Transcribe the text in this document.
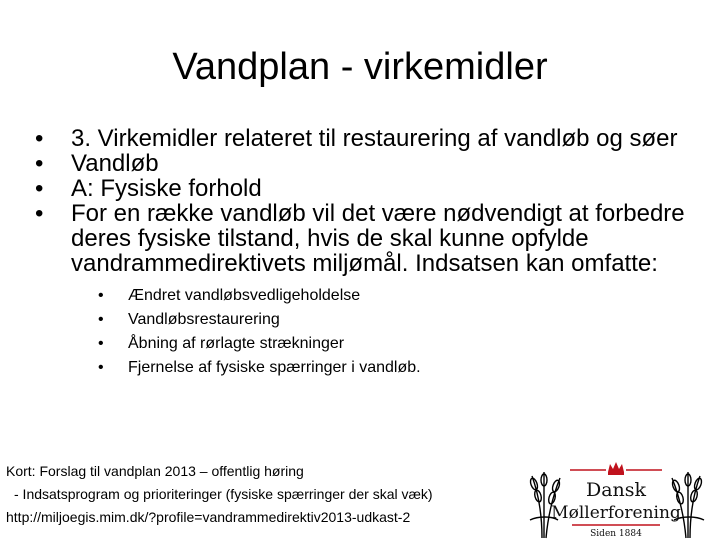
Vandplan - virkemidler
• 3. Virkemidler relateret til restaurering af vandløb og søer
• Vandløb
• A: Fysiske forhold
• For en række vandløb vil det være nødvendigt at forbedre deres fysiske tilstand, hvis de skal kunne opfylde vandrammedirektivets miljømål. Indsatsen kan omfatte:
• Ændret vandløbsvedligeholdelse
• Vandløbsrestaurering
• Åbning af rørlagte strækninger
• Fjernelse af fysiske spærringer i vandløb.
Kort: Forslag til vandplan 2013 – offentlig høring
- Indsatsprogram og prioriteringer (fysiske spærringer der skal væk)
http://miljoegis.mim.dk/?profile=vandrammedirektiv2013-udkast-2
Dansk
Møllerforening
Siden 1884
